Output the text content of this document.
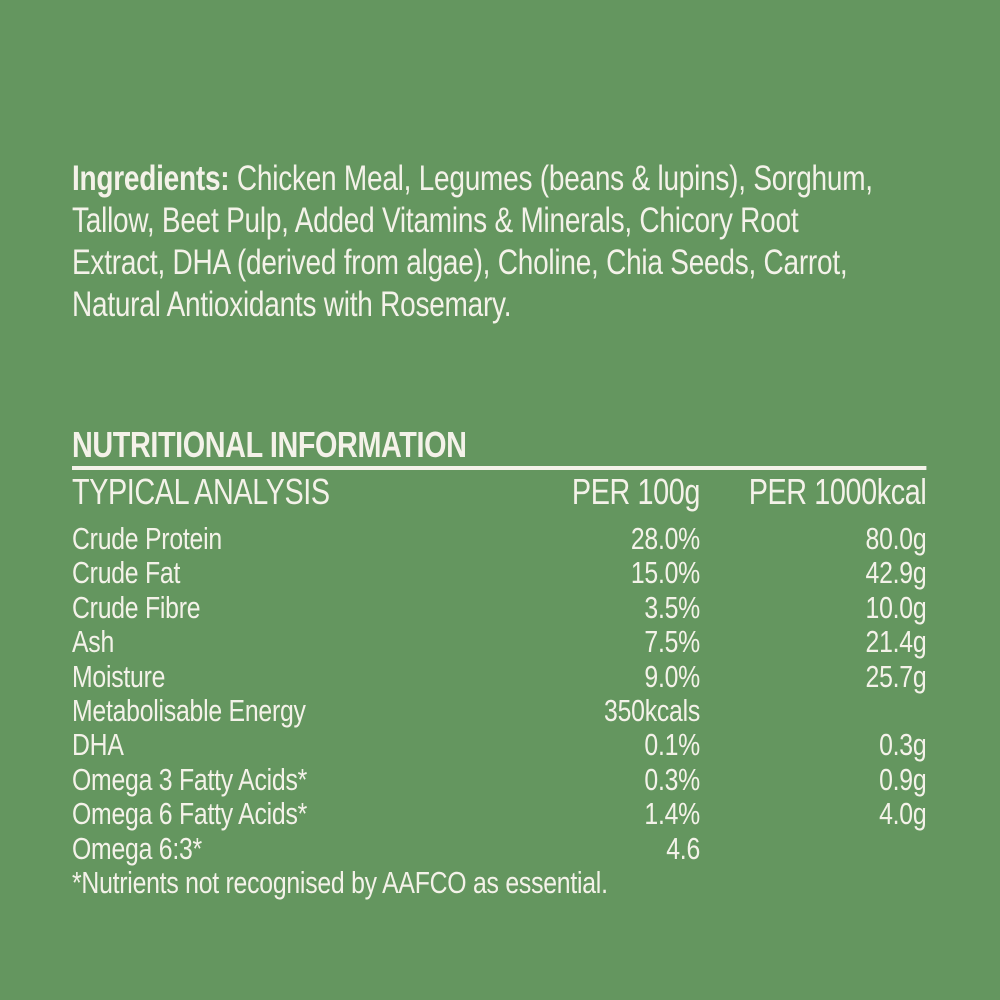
Ingredients: Chicken Meal, Legumes (beans & lupins), Sorghum,
Tallow, Beet Pulp, Added Vitamins & Minerals, Chicory Root
Extract, DHA (derived from algae), Choline, Chia Seeds, Carrot,
Natural Antioxidants with Rosemary.
NUTRITIONAL INFORMATION
TYPICAL ANALYSIS	PER 100g	PER 1000kcal
Crude Protein	28.0%	80.0g
Crude Fat	15.0%	42.9g
Crude Fibre	3.5%	10.0g
Ash	7.5%	21.4g
Moisture	9.0%	25.7g
Metabolisable Energy	350kcals
DHA	0.1%	0.3g
Omega 3 Fatty Acids*	0.3%	0.9g
Omega 6 Fatty Acids*	1.4%	4.0g
Omega 6:3*	4.6

*Nutrients not recognised by AAFCO as essential.
